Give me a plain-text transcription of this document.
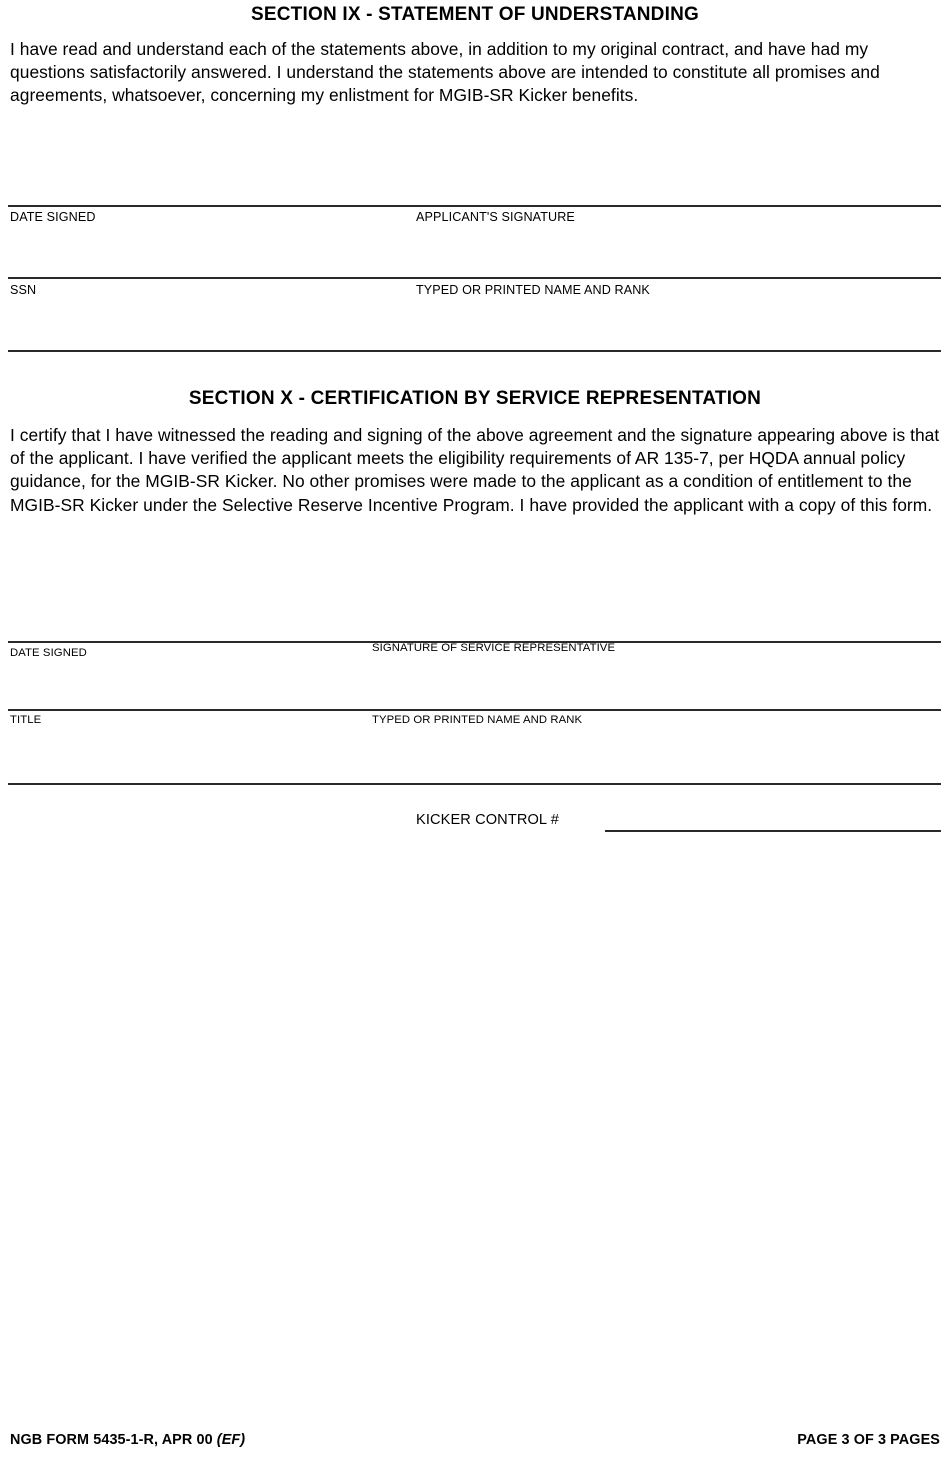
SECTION IX - STATEMENT OF UNDERSTANDING
I have read and understand each of the statements above, in addition to my original contract, and have had my questions satisfactorily answered. I understand the statements above are intended to constitute all promises and agreements, whatsoever, concerning my enlistment for MGIB-SR Kicker benefits.
DATE SIGNED	APPLICANT'S SIGNATURE
SSN	TYPED OR PRINTED NAME AND RANK
SECTION X - CERTIFICATION BY SERVICE REPRESENTATION
I certify that I have witnessed the reading and signing of the above agreement and the signature appearing above is that of the applicant. I have verified the applicant meets the eligibility requirements of AR 135-7, per HQDA annual policy guidance, for the MGIB-SR Kicker. No other promises were made to the applicant as a condition of entitlement to the MGIB-SR Kicker under the Selective Reserve Incentive Program. I have provided the applicant with a copy of this form.
DATE SIGNED	SIGNATURE OF SERVICE REPRESENTATIVE
TITLE	TYPED OR PRINTED NAME AND RANK
KICKER CONTROL #
NGB FORM 5435-1-R, APR 00 (EF)	PAGE 3 OF 3 PAGES
